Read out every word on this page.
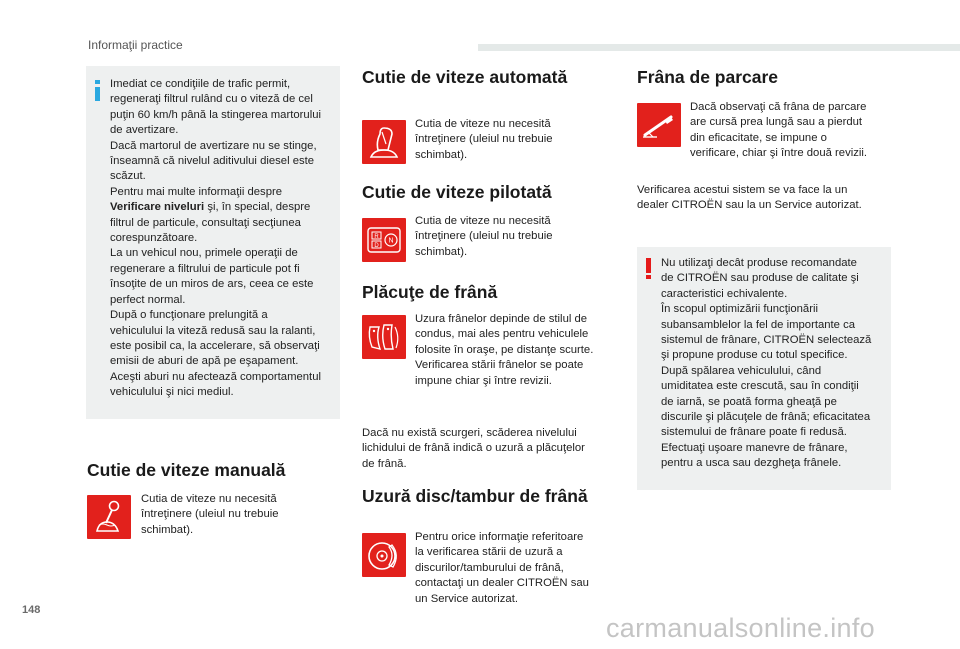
Informaţii practice
Imediat ce condiţiile de trafic permit,
regeneraţi filtrul rulând cu o viteză de cel
puţin 60 km/h până la stingerea martorului
de avertizare.
Dacă martorul de avertizare nu se stinge,
înseamnă că nivelul aditivului diesel este
scăzut.
Pentru mai multe informaţii despre
Verificare niveluri şi, în special, despre
filtrul de particule, consultaţi secţiunea
corespunzătoare.
La un vehicul nou, primele operaţii de
regenerare a filtrului de particule pot fi
însoţite de un miros de ars, ceea ce este
perfect normal.
După o funcţionare prelungită a
vehiculului la viteză redusă sau la ralanti,
este posibil ca, la accelerare, să observaţi
emisii de aburi de apă pe eşapament.
Aceşti aburi nu afectează comportamentul
vehiculului şi nici mediul.
Cutie de viteze manuală
Cutia de viteze nu necesită
întreţinere (uleiul nu trebuie
schimbat).
Cutie de viteze automată
Cutia de viteze nu necesită
întreţinere (uleiul nu trebuie
schimbat).
Cutie de viteze pilotată
R
D
N
Cutia de viteze nu necesită
întreţinere (uleiul nu trebuie
schimbat).
Plăcuţe de frână
Uzura frânelor depinde de stilul de
condus, mai ales pentru vehiculele
folosite în oraşe, pe distanţe scurte.
Verificarea stării frânelor se poate
impune chiar şi între revizii.
Dacă nu există scurgeri, scăderea nivelului
lichidului de frână indică o uzură a plăcuţelor
de frână.
Uzură disc/tambur de frână
Pentru orice informaţie referitoare
la verificarea stării de uzură a
discurilor/tamburului de frână,
contactaţi un dealer CITROËN sau
un Service autorizat.
Frâna de parcare
Dacă observaţi că frâna de parcare
are cursă prea lungă sau a pierdut
din eficacitate, se impune o
verificare, chiar şi între două revizii.
Verificarea acestui sistem se va face la un
dealer CITROËN sau la un Service autorizat.
Nu utilizaţi decât produse recomandate
de CITROËN sau produse de calitate şi
caracteristici echivalente.
În scopul optimizării funcţionării
subansamblelor la fel de importante ca
sistemul de frânare, CITROËN selectează
şi propune produse cu totul specifice.
După spălarea vehiculului, când
umiditatea este crescută, sau în condiţii
de iarnă, se poată forma gheaţă pe
discurile şi plăcuţele de frână; eficacitatea
sistemului de frânare poate fi redusă.
Efectuaţi uşoare manevre de frânare,
pentru a usca sau dezgheţa frânele.
148
carmanualsonline.info
